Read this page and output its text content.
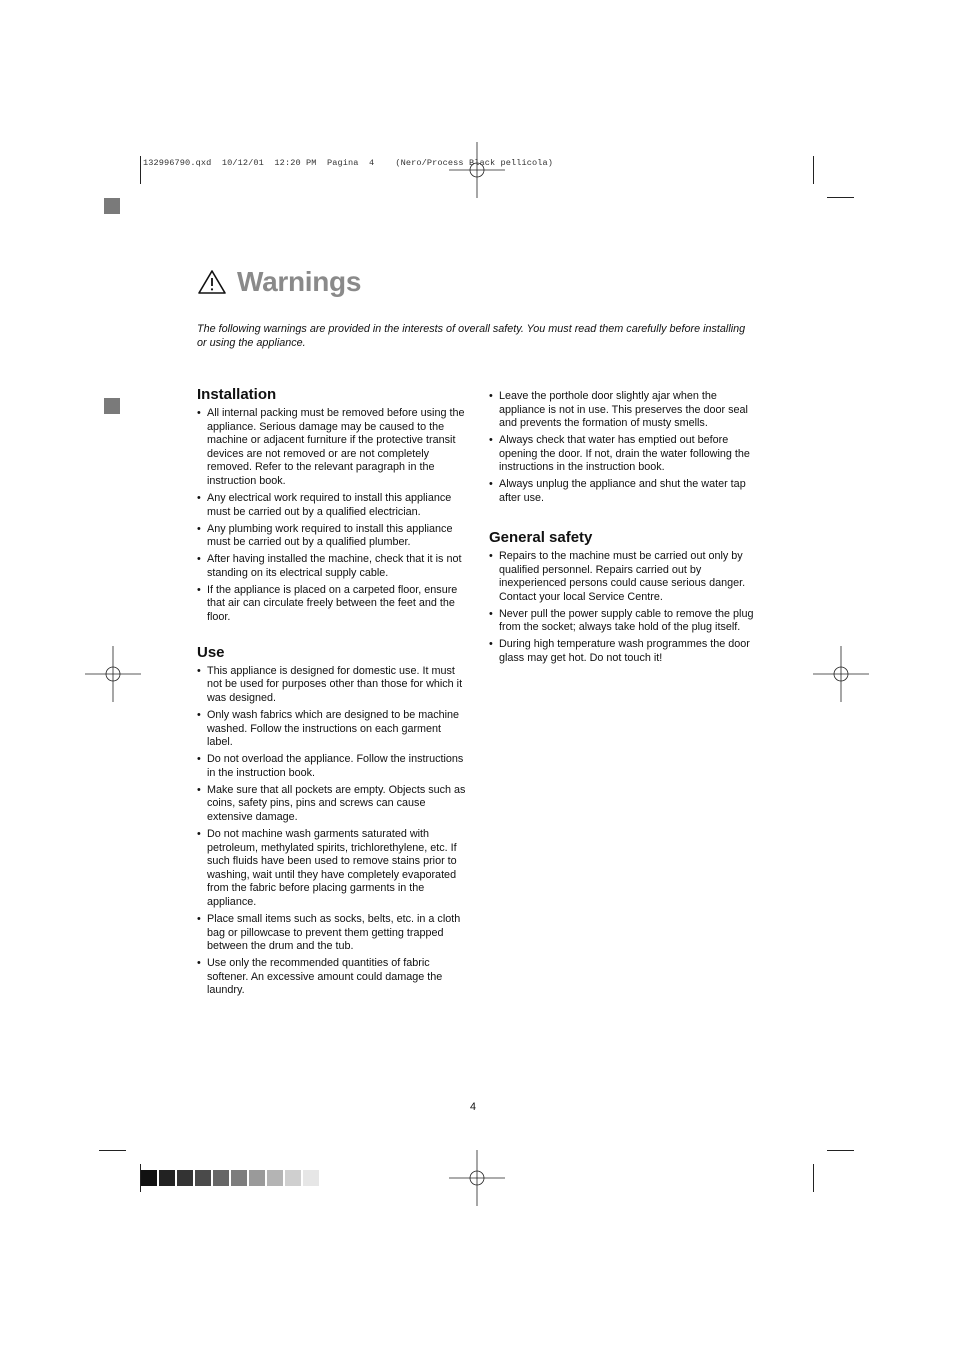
132996790.qxd  10/12/01  12:20 PM  Pagina  4    (Nero/Process Black pellicola)
Warnings
The following warnings are provided in the interests of overall safety. You must read them carefully before installing or using the appliance.
Installation
• All internal packing must be removed before using the appliance. Serious damage may be caused to the machine or adjacent furniture if the protective transit devices are not removed or are not completely removed. Refer to the relevant paragraph in the instruction book.
• Any electrical work required to install this appliance must be carried out by a qualified electrician.
• Any plumbing work required to install this appliance must be carried out by a qualified plumber.
• After having installed the machine, check that it is not standing on its electrical supply cable.
• If the appliance is placed on a carpeted floor, ensure that air can circulate freely between the feet and the floor.
Use
• This appliance is designed for domestic use. It must not be used for purposes other than those for which it was designed.
• Only wash fabrics which are designed to be machine washed. Follow the instructions on each garment label.
• Do not overload the appliance. Follow the instructions in the instruction book.
• Make sure that all pockets are empty. Objects such as coins, safety pins, pins and screws can cause extensive damage.
• Do not machine wash garments saturated with petroleum, methylated spirits, trichlorethylene, etc. If such fluids have been used to remove stains prior to washing, wait until they have completely evaporated from the fabric before placing garments in the appliance.
• Place small items such as socks, belts, etc. in a cloth bag or pillowcase to prevent them getting trapped between the drum and the tub.
• Use only the recommended quantities of fabric softener. An excessive amount could damage the laundry.
• Leave the porthole door slightly ajar when the appliance is not in use. This preserves the door seal and prevents the formation of musty smells.
• Always check that water has emptied out before opening the door. If not, drain the water following the instructions in the instruction book.
• Always unplug the appliance and shut the water tap after use.
General safety
• Repairs to the machine must be carried out only by qualified personnel. Repairs carried out by inexperienced persons could cause serious danger. Contact your local Service Centre.
• Never pull the power supply cable to remove the plug from the socket; always take hold of the plug itself.
• During high temperature wash programmes the door glass may get hot. Do not touch it!
4
